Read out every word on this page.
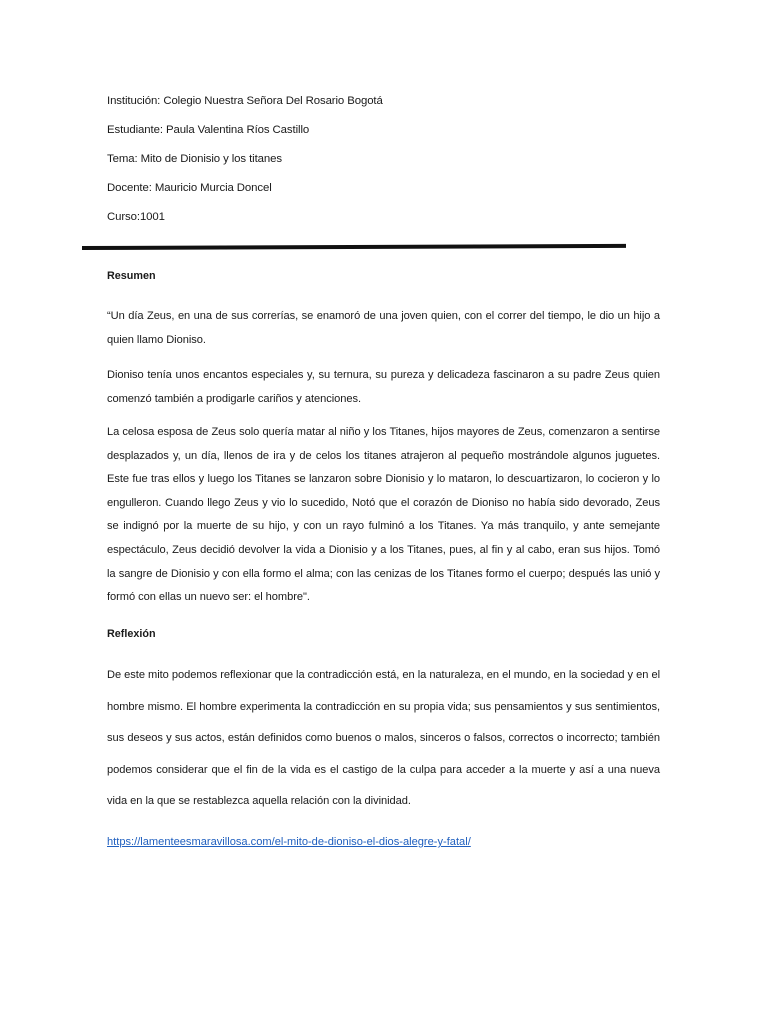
Institución: Colegio Nuestra Señora Del Rosario Bogotá
Estudiante: Paula Valentina Ríos Castillo
Tema: Mito de Dionisio y los titanes
Docente: Mauricio Murcia Doncel
Curso:1001
Resumen

“Un día Zeus, en una de sus correrías, se enamoró de una joven quien, con el correr del tiempo, le dio un hijo a quien llamo Dioniso.

Dioniso tenía unos encantos especiales y, su ternura, su pureza y delicadeza fascinaron a su padre Zeus quien comenzó también a prodigarle cariños y atenciones.

La celosa esposa de Zeus solo quería matar al niño y los Titanes, hijos mayores de Zeus, comenzaron a sentirse desplazados y, un día, llenos de ira y de celos los titanes atrajeron al pequeño mostrándole algunos juguetes. Este fue tras ellos y luego los Titanes se lanzaron sobre Dionisio y lo mataron, lo descuartizaron, lo cocieron y lo engulleron. Cuando llego Zeus y vio lo sucedido, Notó que el corazón de Dioniso no había sido devorado, Zeus se indignó por la muerte de su hijo, y con un rayo fulminó a los Titanes. Ya más tranquilo, y ante semejante espectáculo, Zeus decidió devolver la vida a Dionisio y a los Titanes, pues, al fin y al cabo, eran sus hijos. Tomó la sangre de Dionisio y con ella formo el alma; con las cenizas de los Titanes formo el cuerpo; después las unió y formó con ellas un nuevo ser: el hombre".

Reflexión

De este mito podemos reflexionar que la contradicción está, en la naturaleza, en el mundo, en la sociedad y en el hombre mismo. El hombre experimenta la contradicción en su propia vida; sus pensamientos y sus sentimientos, sus deseos y sus actos, están definidos como buenos o malos, sinceros o falsos, correctos o incorrecto; también podemos considerar que el fin de la vida es el castigo de la culpa para acceder a la muerte y así a una nueva vida en la que se restablezca aquella relación con la divinidad.

https://lamenteesmaravillosa.com/el-mito-de-dioniso-el-dios-alegre-y-fatal/
